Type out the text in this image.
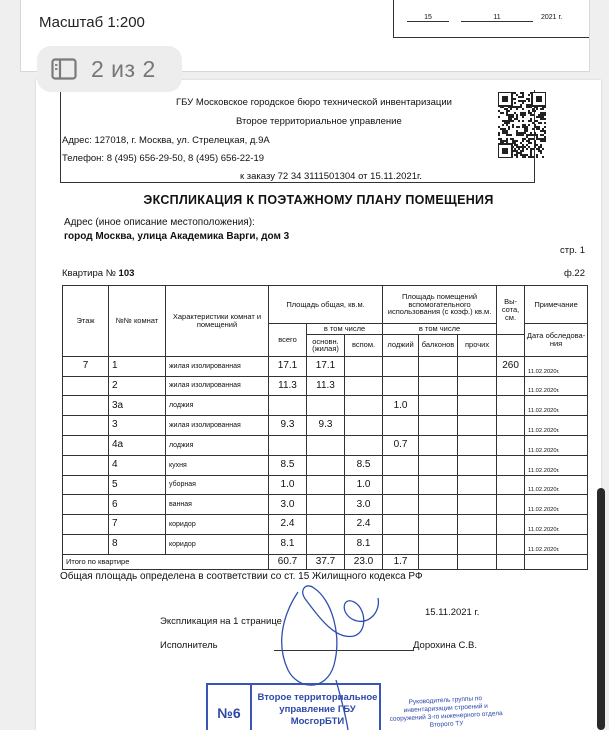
Масштаб 1:200	15	11	2021 г.
2 из 2
ГБУ Московское городское бюро технической инвентаризации
Второе территориальное управление
Адрес: 127018, г. Москва, ул. Стрелецкая, д.9А
Телефон: 8 (495) 656-29-50, 8 (495) 656-22-19
к заказу 72 34 3111501304 от 15.11.2021г.
ЭКСПЛИКАЦИЯ К ПОЭТАЖНОМУ ПЛАНУ ПОМЕЩЕНИЯ
Адрес (иное описание местоположения):
город Москва, улица Академика Варги, дом 3
стр. 1
Квартира № 103	ф.22
Этаж	№№ комнат	Характеристики комнат и помещений	Площадь общая, кв.м.			Площадь помещений вспомогательного использования (с коэф.) кв.м.			Вы-сота, см.	Примечание
			всего	в том числе		в том числе				Дата обследова-ния
				основн. (жилая)	вспом.	лоджий	балконов	прочих		
7	1	жилая изолированная	17.1	17.1					260	11.02.2020г.
	2	жилая изолированная	11.3	11.3						11.02.2020г.
	3а	лоджия				1.0				11.02.2020г.
	3	жилая изолированная	9.3	9.3						11.02.2020г.
	4а	лоджия				0.7				11.02.2020г.
	4	кухня	8.5		8.5					11.02.2020г.
	5	уборная	1.0		1.0					11.02.2020г.
	6	ванная	3.0		3.0					11.02.2020г.
	7	коридор	2.4		2.4					11.02.2020г.
	8	коридор	8.1		8.1					11.02.2020г.
Итого по квартире			60.7	37.7	23.0	1.7				
Общая площадь определена в соответствии со ст. 15 Жилищного кодекса РФ
Экспликация на 1 странице
15.11.2021 г.
Исполнитель	Дорохина С.В.
№6
Второе территориальное управление ГБУ МосгорБТИ
Руководитель группы по инвентаризации строений и сооружений 3-го инженерного отдела Второго ТУ
